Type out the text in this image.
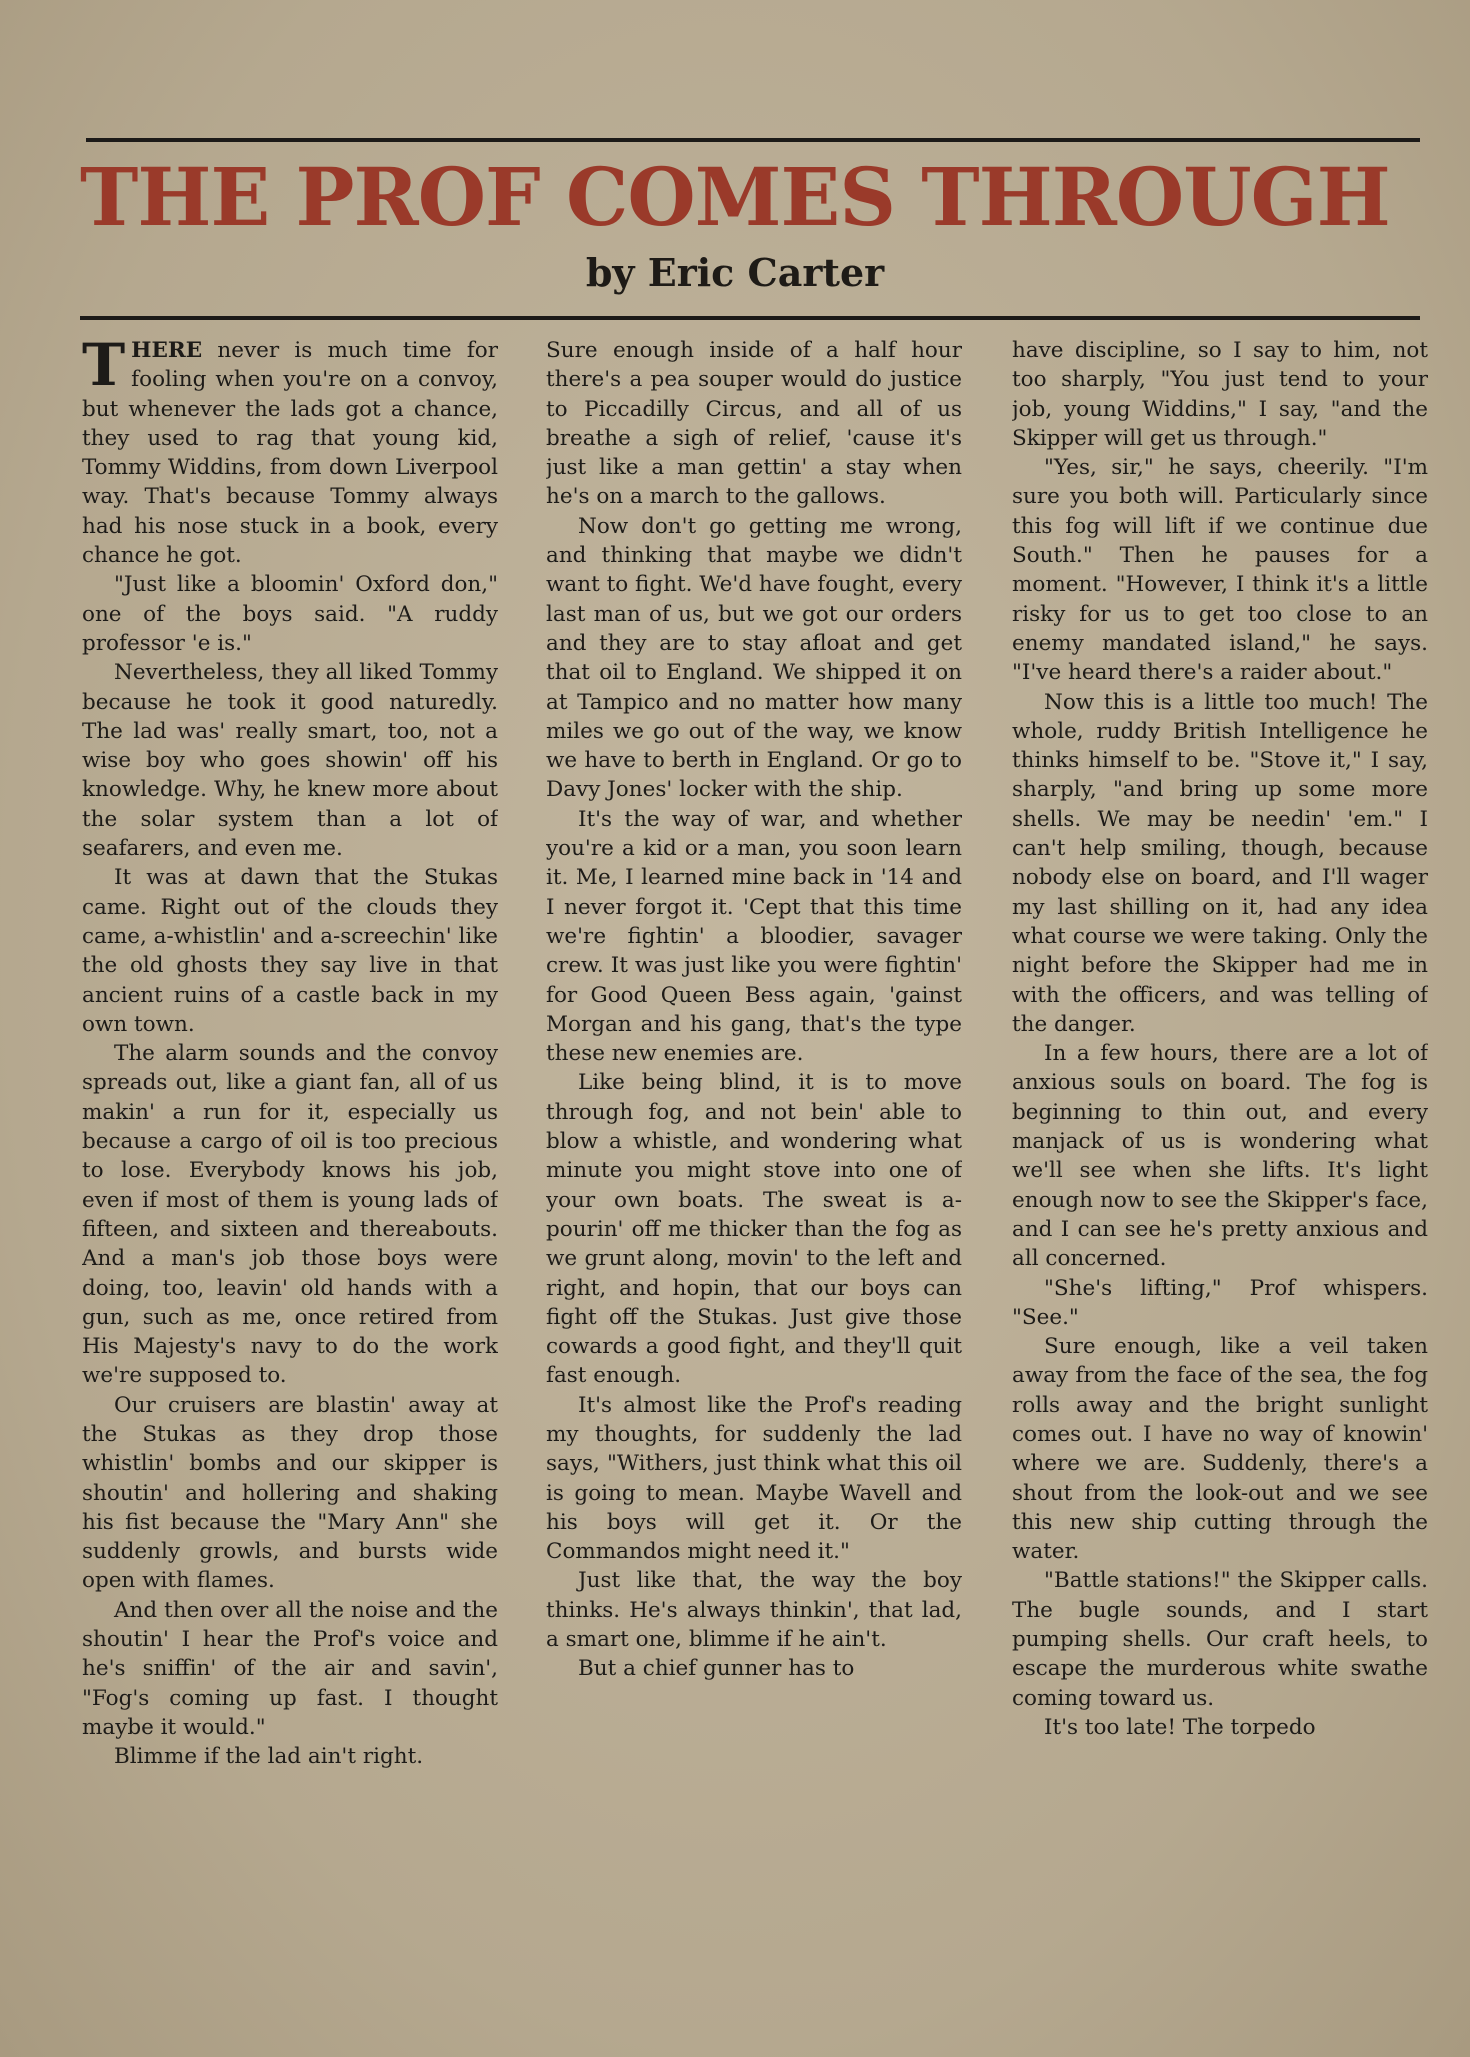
THE PROF COMES THROUGH
by Eric Carter

THERE never is much time for fooling when you're on a convoy, but whenever the lads got a chance, they used to rag that young kid, Tommy Widdins, from down Liverpool way. That's because Tommy always had his nose stuck in a book, every chance he got.

"Just like a bloomin' Oxford don," one of the boys said. "A ruddy professor 'e is."

Nevertheless, they all liked Tommy because he took it good naturedly. The lad was' really smart, too, not a wise boy who goes showin' off his knowledge. Why, he knew more about the solar system than a lot of seafarers, and even me.

It was at dawn that the Stukas came. Right out of the clouds they came, a-whistlin' and a-screechin' like the old ghosts they say live in that ancient ruins of a castle back in my own town.

The alarm sounds and the convoy spreads out, like a giant fan, all of us makin' a run for it, especially us because a cargo of oil is too precious to lose. Everybody knows his job, even if most of them is young lads of fifteen, and sixteen and thereabouts. And a man's job those boys were doing, too, leavin' old hands with a gun, such as me, once retired from His Majesty's navy to do the work we're supposed to.

Our cruisers are blastin' away at the Stukas as they drop those whistlin' bombs and our skipper is shoutin' and hollering and shaking his fist because the "Mary Ann" she suddenly growls, and bursts wide open with flames.

And then over all the noise and the shoutin' I hear the Prof's voice and he's sniffin' of the air and savin', "Fog's coming up fast. I thought maybe it would."

Blimme if the lad ain't right.

Sure enough inside of a half hour there's a pea souper would do justice to Piccadilly Circus, and all of us breathe a sigh of relief, 'cause it's just like a man gettin' a stay when he's on a march to the gallows.

Now don't go getting me wrong, and thinking that maybe we didn't want to fight. We'd have fought, every last man of us, but we got our orders and they are to stay afloat and get that oil to England. We shipped it on at Tampico and no matter how many miles we go out of the way, we know we have to berth in England. Or go to Davy Jones' locker with the ship.

It's the way of war, and whether you're a kid or a man, you soon learn it. Me, I learned mine back in '14 and I never forgot it. 'Cept that this time we're fightin' a bloodier, savager crew. It was just like you were fightin' for Good Queen Bess again, 'gainst Morgan and his gang, that's the type these new enemies are.

Like being blind, it is to move through fog, and not bein' able to blow a whistle, and wondering what minute you might stove into one of your own boats. The sweat is a-pourin' off me thicker than the fog as we grunt along, movin' to the left and right, and hopin, that our boys can fight off the Stukas. Just give those cowards a good fight, and they'll quit fast enough.

It's almost like the Prof's reading my thoughts, for suddenly the lad says, "Withers, just think what this oil is going to mean. Maybe Wavell and his boys will get it. Or the Commandos might need it."

Just like that, the way the boy thinks. He's always thinkin', that lad, a smart one, blimme if he ain't.

But a chief gunner has to

have discipline, so I say to him, not too sharply, "You just tend to your job, young Widdins," I say, "and the Skipper will get us through."

"Yes, sir," he says, cheerily. "I'm sure you both will. Particularly since this fog will lift if we continue due South." Then he pauses for a moment. "However, I think it's a little risky for us to get too close to an enemy mandated island," he says. "I've heard there's a raider about."

Now this is a little too much! The whole, ruddy British Intelligence he thinks himself to be. "Stove it," I say, sharply, "and bring up some more shells. We may be needin' 'em." I can't help smiling, though, because nobody else on board, and I'll wager my last shilling on it, had any idea what course we were taking. Only the night before the Skipper had me in with the officers, and was telling of the danger.

In a few hours, there are a lot of anxious souls on board. The fog is beginning to thin out, and every manjack of us is wondering what we'll see when she lifts. It's light enough now to see the Skipper's face, and I can see he's pretty anxious and all concerned.

"She's lifting," Prof whispers. "See."

Sure enough, like a veil taken away from the face of the sea, the fog rolls away and the bright sunlight comes out. I have no way of knowin' where we are. Suddenly, there's a shout from the look-out and we see this new ship cutting through the water.

"Battle stations!" the Skipper calls. The bugle sounds, and I start pumping shells. Our craft heels, to escape the murderous white swathe coming toward us.

It's too late! The torpedo
